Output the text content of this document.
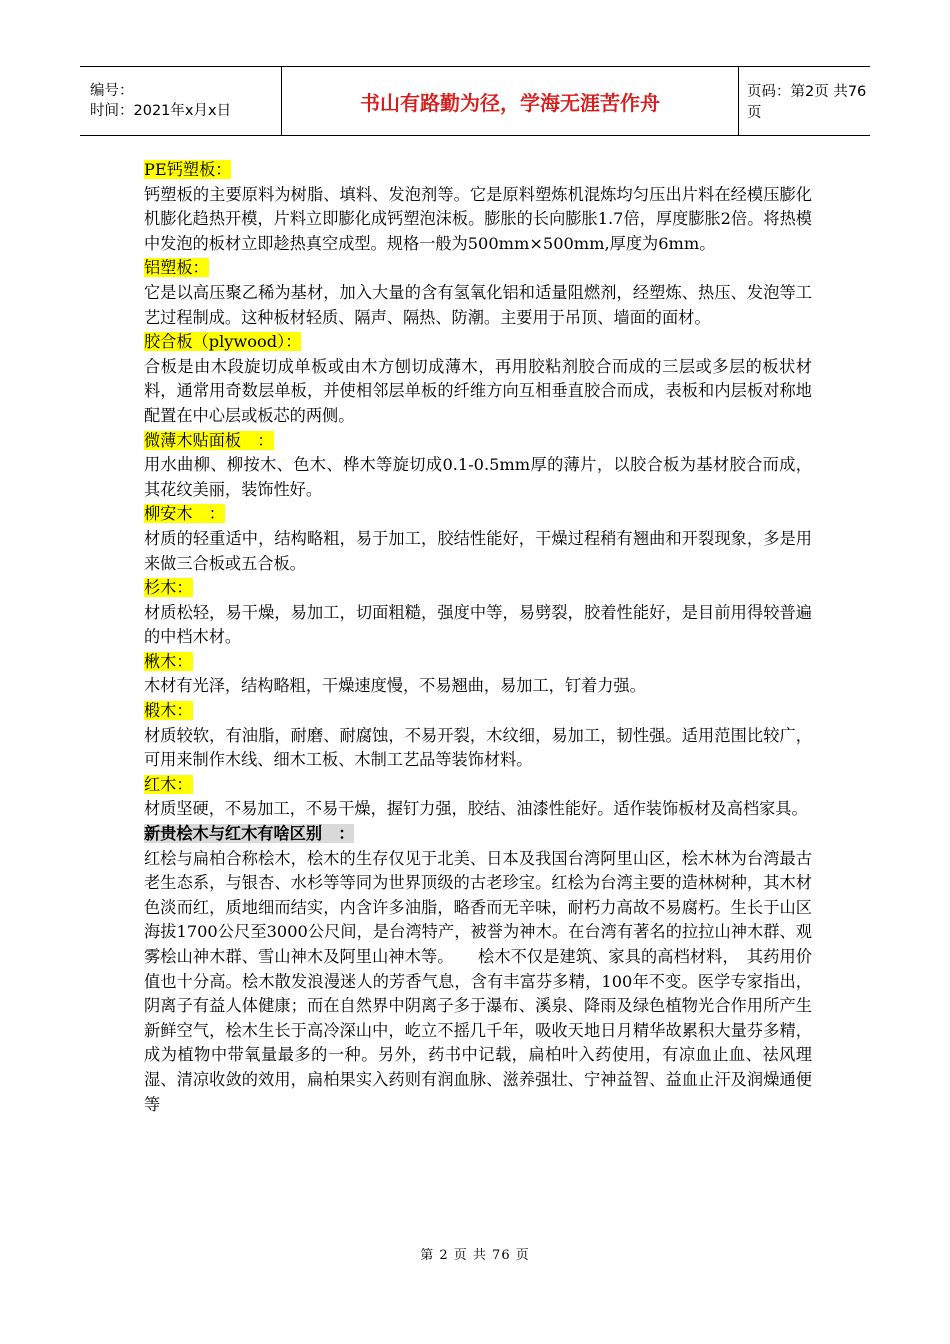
编号：
时间：2021年x月x日	书山有路勤为径，学海无涯苦作舟	页码：第2页 共76页

PE钙塑板：

钙塑板的主要原料为树脂、填料、发泡剂等。它是原料塑炼机混炼均匀压出片料在经模压膨化机膨化趋热开模，片料立即膨化成钙塑泡沫板。膨胀的长向膨胀1.7倍，厚度膨胀2倍。将热模中发泡的板材立即趁热真空成型。规格一般为500mm×500mm,厚度为6mm。

铝塑板：

它是以高压聚乙稀为基材，加入大量的含有氢氧化铝和适量阻燃剂，经塑炼、热压、发泡等工艺过程制成。这种板材轻质、隔声、隔热、防潮。主要用于吊顶、墙面的面材。

胶合板（plywood）：

合板是由木段旋切成单板或由木方刨切成薄木，再用胶粘剂胶合而成的三层或多层的板状材料，通常用奇数层单板，并使相邻层单板的纤维方向互相垂直胶合而成，表板和内层板对称地配置在中心层或板芯的两侧。

微薄木贴面板　：

用水曲柳、柳按木、色木、桦木等旋切成0.1-0.5mm厚的薄片，以胶合板为基材胶合而成，其花纹美丽，装饰性好。

柳安木　：

材质的轻重适中，结构略粗，易于加工，胶结性能好，干燥过程稍有翘曲和开裂现象，多是用来做三合板或五合板。

杉木：

材质松轻，易干燥，易加工，切面粗糙，强度中等，易劈裂，胶着性能好，是目前用得较普遍的中档木材。

楸木：

木材有光泽，结构略粗，干燥速度慢，不易翘曲，易加工，钉着力强。

椴木：

材质较软，有油脂，耐磨、耐腐蚀，不易开裂，木纹细，易加工，韧性强。适用范围比较广，可用来制作木线、细木工板、木制工艺品等装饰材料。

红木：

材质坚硬，不易加工，不易干燥，握钉力强，胶结、油漆性能好。适作装饰板材及高档家具。

新贵桧木与红木有啥区别　：

红桧与扁柏合称桧木，桧木的生存仅见于北美、日本及我国台湾阿里山区，桧木林为台湾最古老生态系，与银杏、水杉等等同为世界顶级的古老珍宝。红桧为台湾主要的造林树种，其木材色淡而红，质地细而结实，内含许多油脂，略香而无辛味，耐朽力高故不易腐朽。生长于山区海拔1700公尺至3000公尺间，是台湾特产，被誉为神木。在台湾有著名的拉拉山神木群、观雾桧山神木群、雪山神木及阿里山神木等。　　桧木不仅是建筑、家具的高档材料，　其药用价值也十分高。桧木散发浪漫迷人的芳香气息，含有丰富芬多精，100年不变。医学专家指出，阴离子有益人体健康；而在自然界中阴离子多于瀑布、溪泉、降雨及绿色植物光合作用所产生新鲜空气，桧木生长于高冷深山中，屹立不摇几千年，吸收天地日月精华故累积大量芬多精，成为植物中带氧量最多的一种。另外，药书中记载，扁柏叶入药使用，有凉血止血、祛风理湿、清凉收敛的效用，扁柏果实入药则有润血脉、滋养强壮、宁神益智、益血止汗及润燥通便等

第 2 页 共 76 页
